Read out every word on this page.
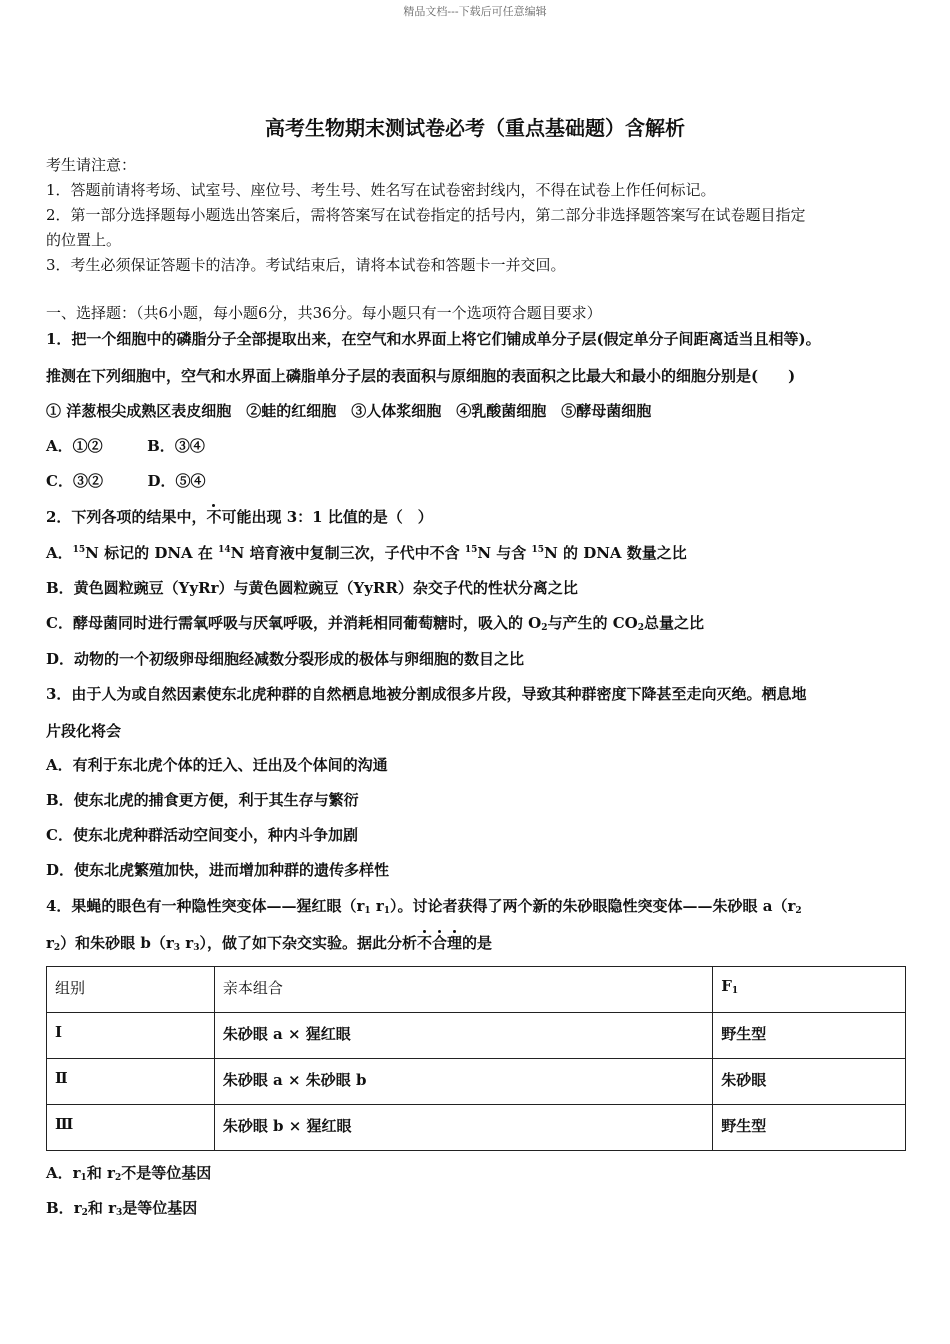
精品文档---下载后可任意编辑
高考生物期末测试卷必考（重点基础题）含解析
考生请注意：
1．答题前请将考场、试室号、座位号、考生号、姓名写在试卷密封线内，不得在试卷上作任何标记。
2．第一部分选择题每小题选出答案后，需将答案写在试卷指定的括号内，第二部分非选择题答案写在试卷题目指定
的位置上。
3．考生必须保证答题卡的洁净。考试结束后，请将本试卷和答题卡一并交回。
一、选择题：（共6小题，每小题6分，共36分。每小题只有一个选项符合题目要求）
1．把一个细胞中的磷脂分子全部提取出来，在空气和水界面上将它们铺成单分子层(假定单分子间距离适当且相等)。
推测在下列细胞中，空气和水界面上磷脂单分子层的表面积与原细胞的表面积之比最大和最小的细胞分别是(　　)
① 洋葱根尖成熟区表皮细胞　②蛙的红细胞　③人体浆细胞　④乳酸菌细胞　⑤酵母菌细胞
A．①②	B．③④
C．③②	D．⑤④
2．下列各项的结果中，不可能出现 3：1 比值的是（　）
A．$^{15}$N 标记的 DNA 在 $^{14}$N 培育液中复制三次，子代中不含 $^{15}$N 与含 $^{15}$N 的 DNA 数量之比
B．黄色圆粒豌豆（YyRr）与黄色圆粒豌豆（YyRR）杂交子代的性状分离之比
C．酵母菌同时进行需氧呼吸与厌氧呼吸，并消耗相同葡萄糖时，吸入的 $O_2$与产生的 $CO_2$总量之比
D．动物的一个初级卵母细胞经减数分裂形成的极体与卵细胞的数目之比
3．由于人为或自然因素使东北虎种群的自然栖息地被分割成很多片段，导致其种群密度下降甚至走向灭绝。栖息地
片段化将会
A．有利于东北虎个体的迁入、迁出及个体间的沟通
B．使东北虎的捕食更方便，利于其生存与繁衍
C．使东北虎种群活动空间变小，种内斗争加剧
D．使东北虎繁殖加快，进而增加种群的遗传多样性
4．果蝇的眼色有一种隐性突变体——猩红眼（$r_1$ $r_1$）。讨论者获得了两个新的朱砂眼隐性突变体——朱砂眼 $a(r_2$
$r_2$）和朱砂眼 $b(r_3$ $r_3$），做了如下杂交实验。据此分析不合理的是
组别	亲本组合	$F_1$
I	朱砂眼 a × 猩红眼	野生型
Ⅱ	朱砂眼 a × 朱砂眼 b	朱砂眼
Ⅲ	朱砂眼 b × 猩红眼	野生型
A．$r_1$和 $r_2$不是等位基因
B．$r_2$和 $r_3$是等位基因
